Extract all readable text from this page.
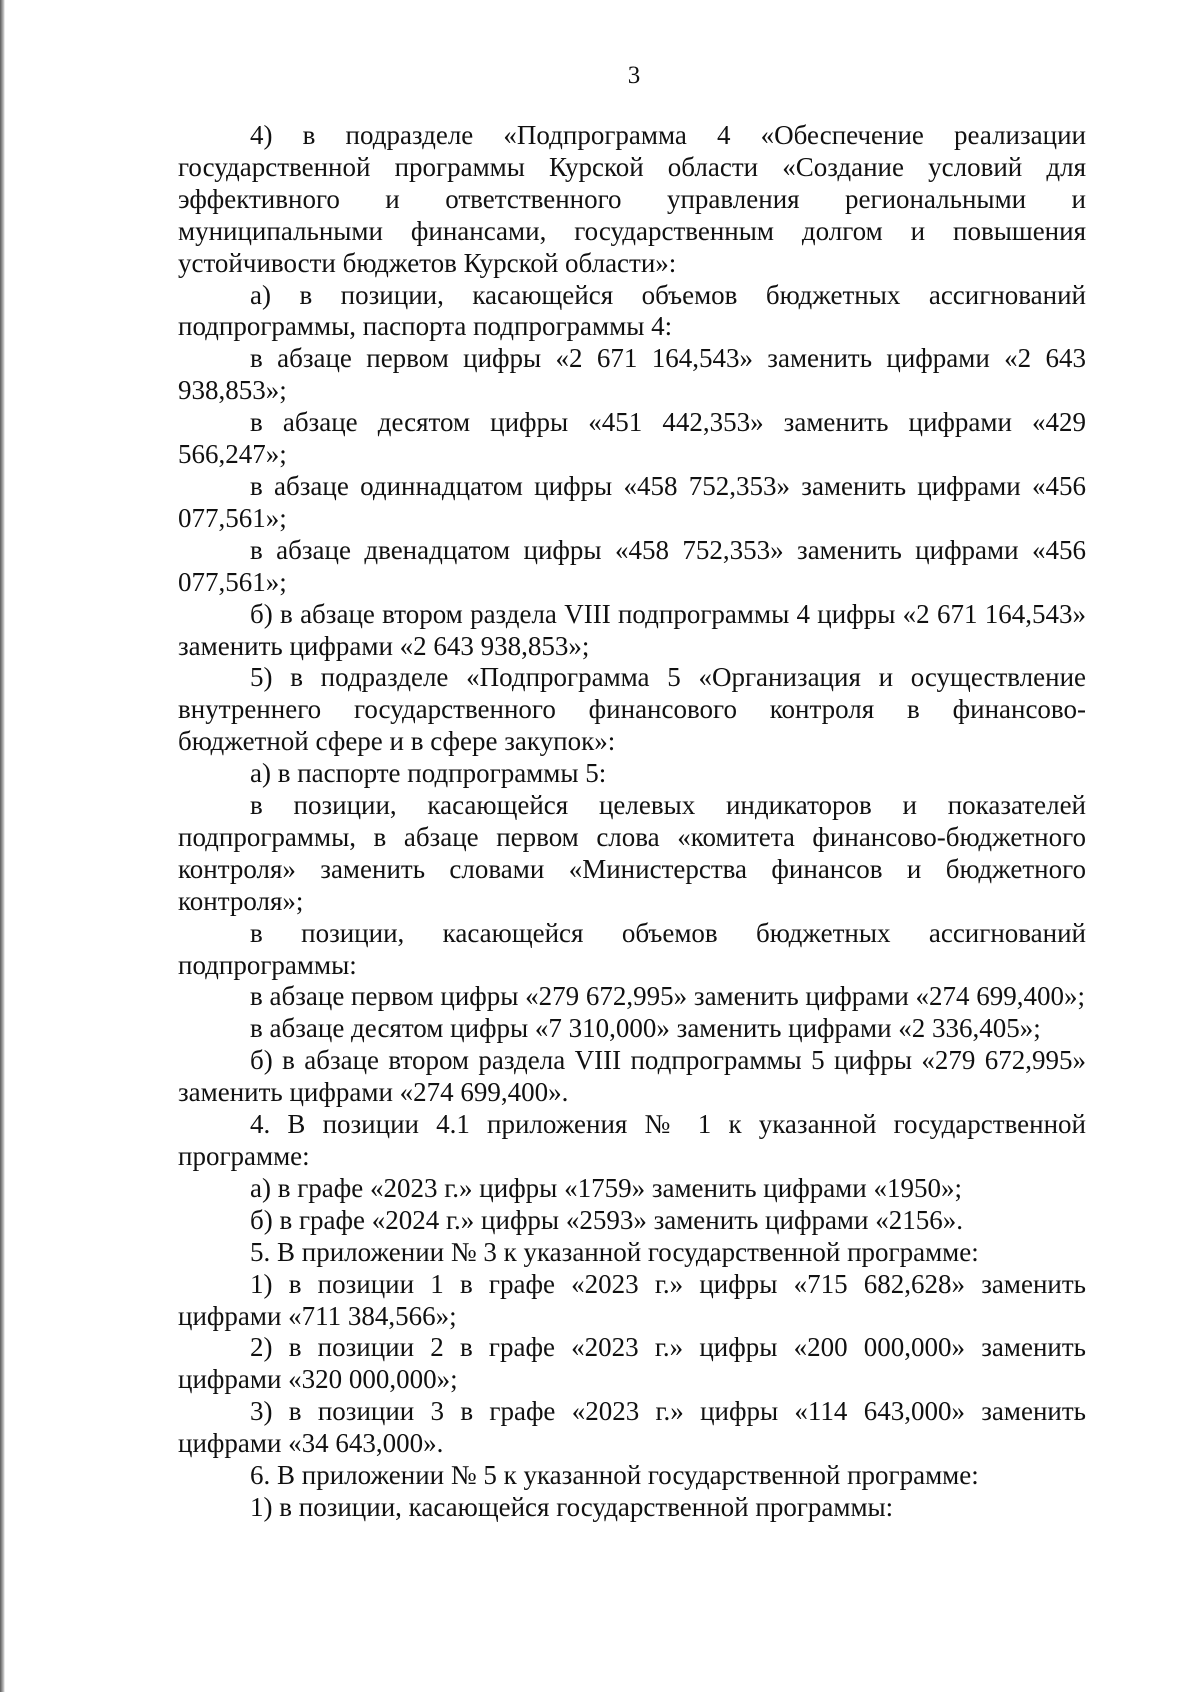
3

4) в подразделе «Подпрограмма 4 «Обеспечение реализации государственной программы Курской области «Создание условий для эффективного и ответственного управления региональными и муниципальными финансами, государственным долгом и повышения устойчивости бюджетов Курской области»:

а) в позиции, касающейся объемов бюджетных ассигнований подпрограммы, паспорта подпрограммы 4:

в абзаце первом цифры «2 671 164,543» заменить цифрами «2 643 938,853»;

в абзаце десятом цифры «451 442,353» заменить цифрами «429 566,247»;

в абзаце одиннадцатом цифры «458 752,353» заменить цифрами «456 077,561»;

в абзаце двенадцатом цифры «458 752,353» заменить цифрами «456 077,561»;

б) в абзаце втором раздела VIII подпрограммы 4 цифры «2 671 164,543» заменить цифрами «2 643 938,853»;

5) в подразделе «Подпрограмма 5 «Организация и осуществление внутреннего государственного финансового контроля в финансово-бюджетной сфере и в сфере закупок»:

а) в паспорте подпрограммы 5:

в позиции, касающейся целевых индикаторов и показателей подпрограммы, в абзаце первом слова «комитета финансово-бюджетного контроля» заменить словами «Министерства финансов и бюджетного контроля»;

в позиции, касающейся объемов бюджетных ассигнований подпрограммы:

в абзаце первом цифры «279 672,995» заменить цифрами «274 699,400»;

в абзаце десятом цифры «7 310,000» заменить цифрами «2 336,405»;

б) в абзаце втором раздела VIII подпрограммы 5 цифры «279 672,995» заменить цифрами «274 699,400».

4. В позиции 4.1 приложения № 1 к указанной государственной программе:

а) в графе «2023 г.» цифры «1759» заменить цифрами «1950»;

б) в графе «2024 г.» цифры «2593» заменить цифрами «2156».

5. В приложении № 3 к указанной государственной программе:

1) в позиции 1 в графе «2023 г.» цифры «715 682,628» заменить цифрами «711 384,566»;

2) в позиции 2 в графе «2023 г.» цифры «200 000,000» заменить цифрами «320 000,000»;

3) в позиции 3 в графе «2023 г.» цифры «114 643,000» заменить цифрами «34 643,000».

6. В приложении № 5 к указанной государственной программе:

1) в позиции, касающейся государственной программы:
